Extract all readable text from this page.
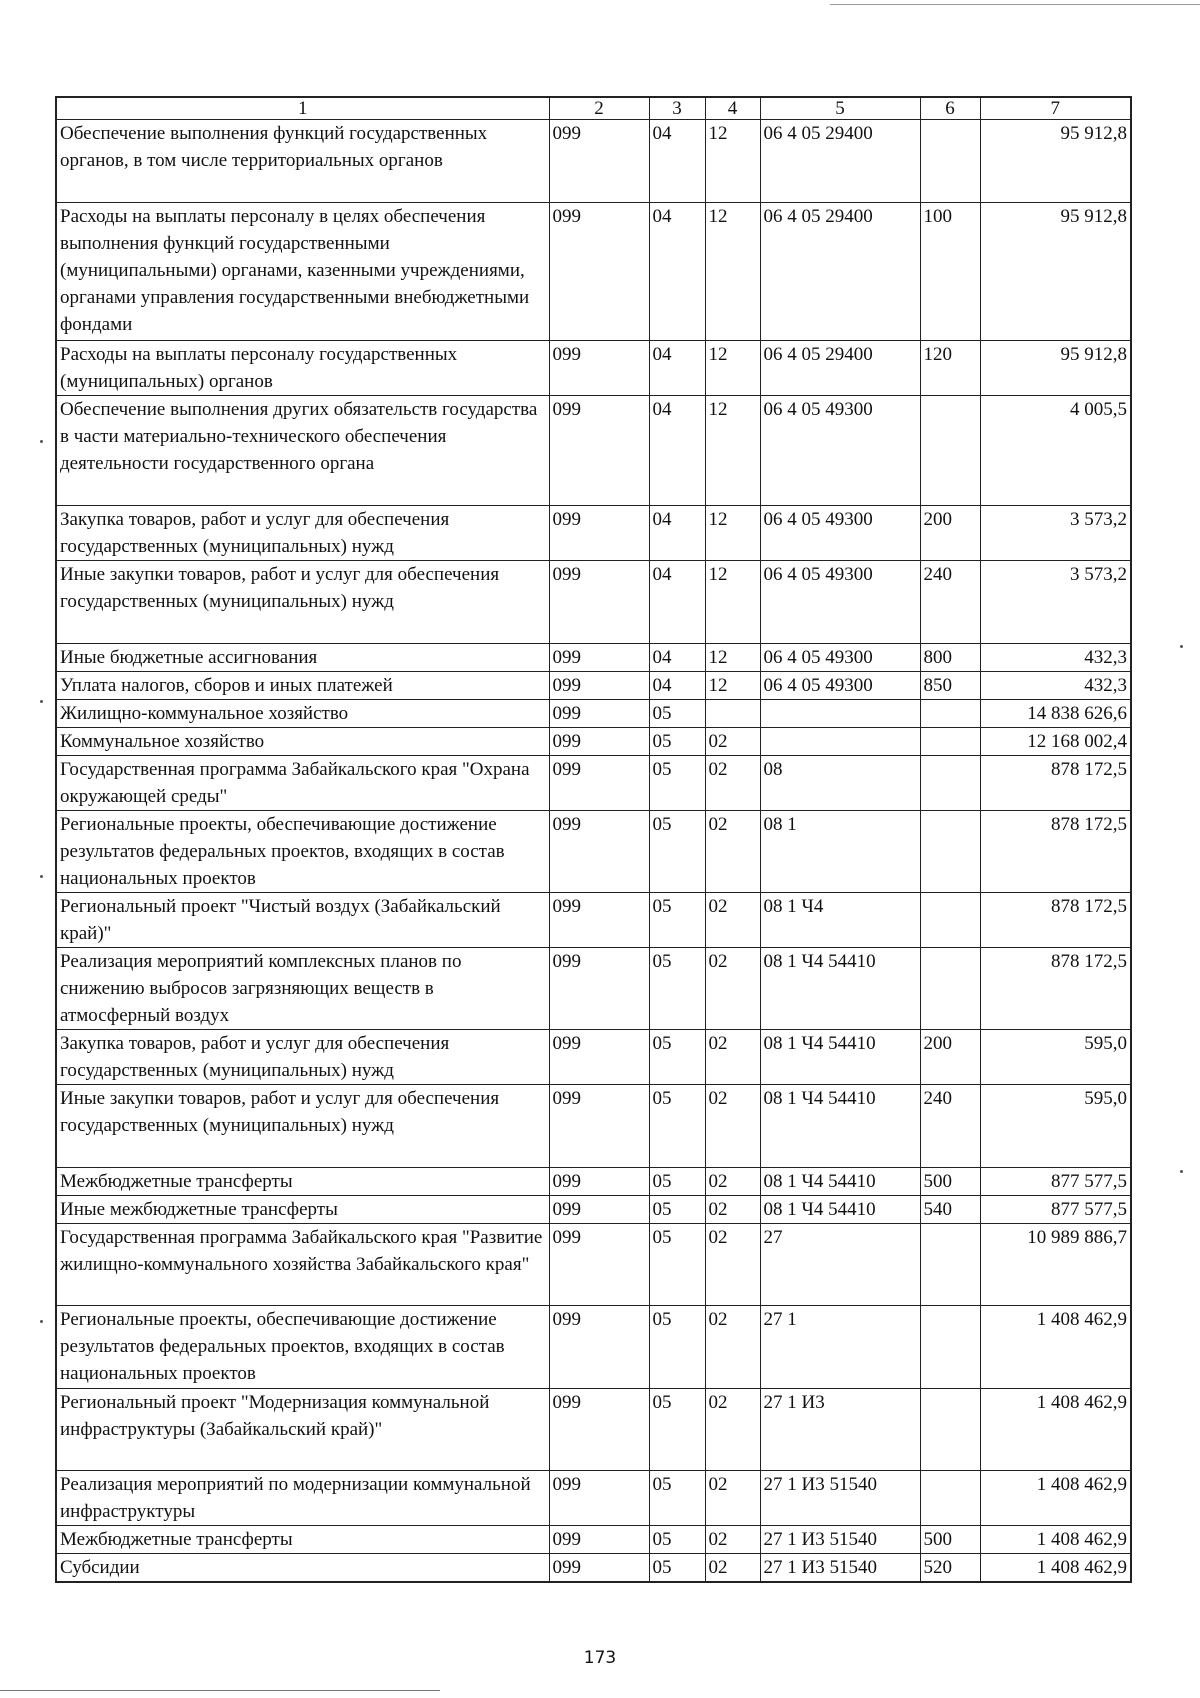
1	2	3	4	5	6	7
Обеспечение выполнения функций государственных органов, в том числе территориальных органов	099	04	12	06 4 05 29400		95 912,8
Расходы на выплаты персоналу в целях обеспечения выполнения функций государственными (муниципальными) органами, казенными учреждениями, органами управления государственными внебюджетными фондами	099	04	12	06 4 05 29400	100	95 912,8
Расходы на выплаты персоналу государственных (муниципальных) органов	099	04	12	06 4 05 29400	120	95 912,8
Обеспечение выполнения других обязательств государства в части материально-технического обеспечения деятельности государственного органа	099	04	12	06 4 05 49300		4 005,5
Закупка товаров, работ и услуг для обеспечения государственных (муниципальных) нужд	099	04	12	06 4 05 49300	200	3 573,2
Иные закупки товаров, работ и услуг для обеспечения государственных (муниципальных) нужд	099	04	12	06 4 05 49300	240	3 573,2
Иные бюджетные ассигнования	099	04	12	06 4 05 49300	800	432,3
Уплата налогов, сборов и иных платежей	099	04	12	06 4 05 49300	850	432,3
Жилищно-коммунальное хозяйство	099	05				14 838 626,6
Коммунальное хозяйство	099	05	02			12 168 002,4
Государственная программа Забайкальского края "Охрана окружающей среды"	099	05	02	08		878 172,5
Региональные проекты, обеспечивающие достижение результатов федеральных проектов, входящих в состав национальных проектов	099	05	02	08 1		878 172,5
Региональный проект "Чистый воздух (Забайкальский край)"	099	05	02	08 1 Ч4		878 172,5
Реализация мероприятий комплексных планов по снижению выбросов загрязняющих веществ в атмосферный воздух	099	05	02	08 1 Ч4 54410		878 172,5
Закупка товаров, работ и услуг для обеспечения государственных (муниципальных) нужд	099	05	02	08 1 Ч4 54410	200	595,0
Иные закупки товаров, работ и услуг для обеспечения государственных (муниципальных) нужд	099	05	02	08 1 Ч4 54410	240	595,0
Межбюджетные трансферты	099	05	02	08 1 Ч4 54410	500	877 577,5
Иные межбюджетные трансферты	099	05	02	08 1 Ч4 54410	540	877 577,5
Государственная программа Забайкальского края "Развитие жилищно-коммунального хозяйства Забайкальского края"	099	05	02	27		10 989 886,7
Региональные проекты, обеспечивающие достижение результатов федеральных проектов, входящих в состав национальных проектов	099	05	02	27 1		1 408 462,9
Региональный проект "Модернизация коммунальной инфраструктуры (Забайкальский край)"	099	05	02	27 1 И3		1 408 462,9
Реализация мероприятий по модернизации коммунальной инфраструктуры	099	05	02	27 1 И3 51540		1 408 462,9
Межбюджетные трансферты	099	05	02	27 1 И3 51540	500	1 408 462,9
Субсидии	099	05	02	27 1 И3 51540	520	1 408 462,9
173
